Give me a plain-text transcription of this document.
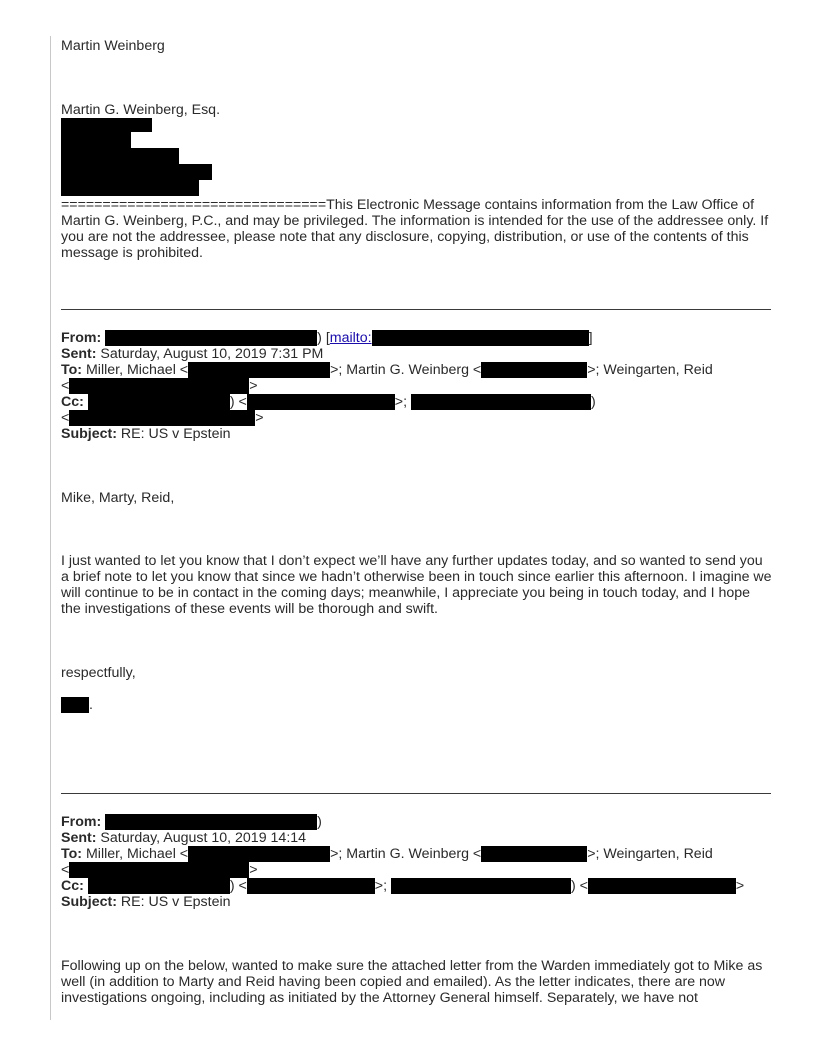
Martin Weinberg
Martin G. Weinberg, Esq.
================================This Electronic Message contains information from the Law Office of Martin G. Weinberg, P.C., and may be privileged. The information is intended for the use of the addressee only. If you are not the addressee, please note that any disclosure, copying, distribution, or use of the contents of this message is prohibited.
From:	) [mailto:	]
Sent: Saturday, August 10, 2019 7:31 PM
To: Miller, Michael <	>; Martin G. Weinberg <	>; Weingarten, Reid
<	>
Cc:	) <	>;	)
<	>
Subject: RE: US v Epstein
Mike, Marty, Reid,
I just wanted to let you know that I don’t expect we’ll have any further updates today, and so wanted to send you a brief note to let you know that since we hadn’t otherwise been in touch since earlier this afternoon. I imagine we will continue to be in contact in the coming days; meanwhile, I appreciate you being in touch today, and I hope the investigations of these events will be thorough and swift.
respectfully,
.
From:	)
Sent: Saturday, August 10, 2019 14:14
To: Miller, Michael <	>; Martin G. Weinberg <	>; Weingarten, Reid
<	>
Cc:	) <	>;	) <	>
Subject: RE: US v Epstein
Following up on the below, wanted to make sure the attached letter from the Warden immediately got to Mike as well (in addition to Marty and Reid having been copied and emailed). As the letter indicates, there are now investigations ongoing, including as initiated by the Attorney General himself. Separately, we have not
